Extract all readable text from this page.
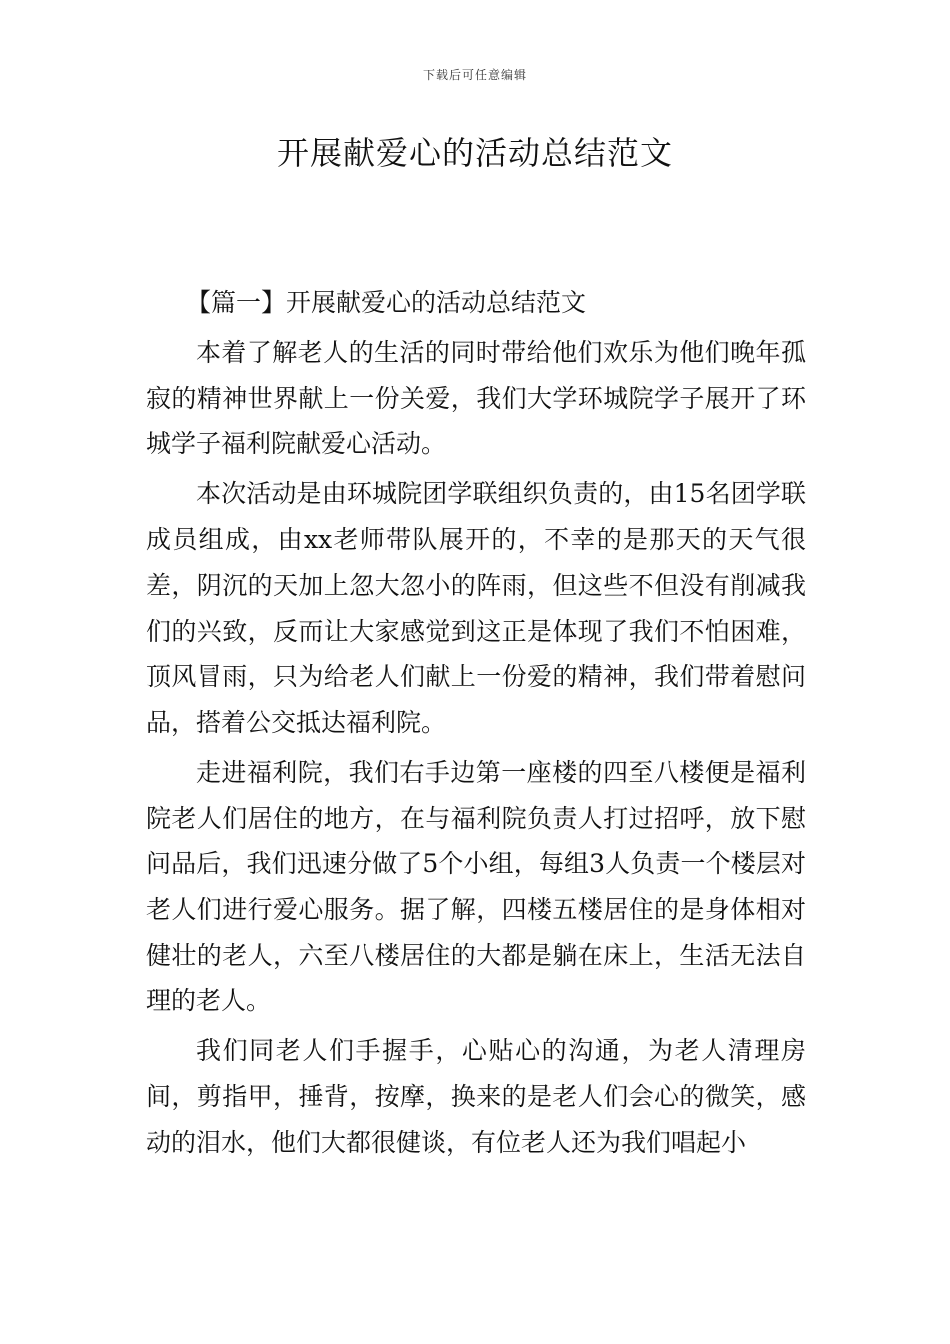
下载后可任意编辑
开展献爱心的活动总结范文

【篇一】开展献爱心的活动总结范文

本着了解老人的生活的同时带给他们欢乐为他们晚年孤寂的精神世界献上一份关爱，我们大学环城院学子展开了环城学子福利院献爱心活动。

本次活动是由环城院团学联组织负责的，由15名团学联成员组成，由xx老师带队展开的，不幸的是那天的天气很差，阴沉的天加上忽大忽小的阵雨，但这些不但没有削减我们的兴致，反而让大家感觉到这正是体现了我们不怕困难，顶风冒雨，只为给老人们献上一份爱的精神，我们带着慰问品，搭着公交抵达福利院。

走进福利院，我们右手边第一座楼的四至八楼便是福利院老人们居住的地方，在与福利院负责人打过招呼，放下慰问品后，我们迅速分做了5个小组，每组3人负责一个楼层对老人们进行爱心服务。据了解，四楼五楼居住的是身体相对健壮的老人，六至八楼居住的大都是躺在床上，生活无法自理的老人。

我们同老人们手握手，心贴心的沟通，为老人清理房间，剪指甲，捶背，按摩，换来的是老人们会心的微笑，感动的泪水，他们大都很健谈，有位老人还为我们唱起小
